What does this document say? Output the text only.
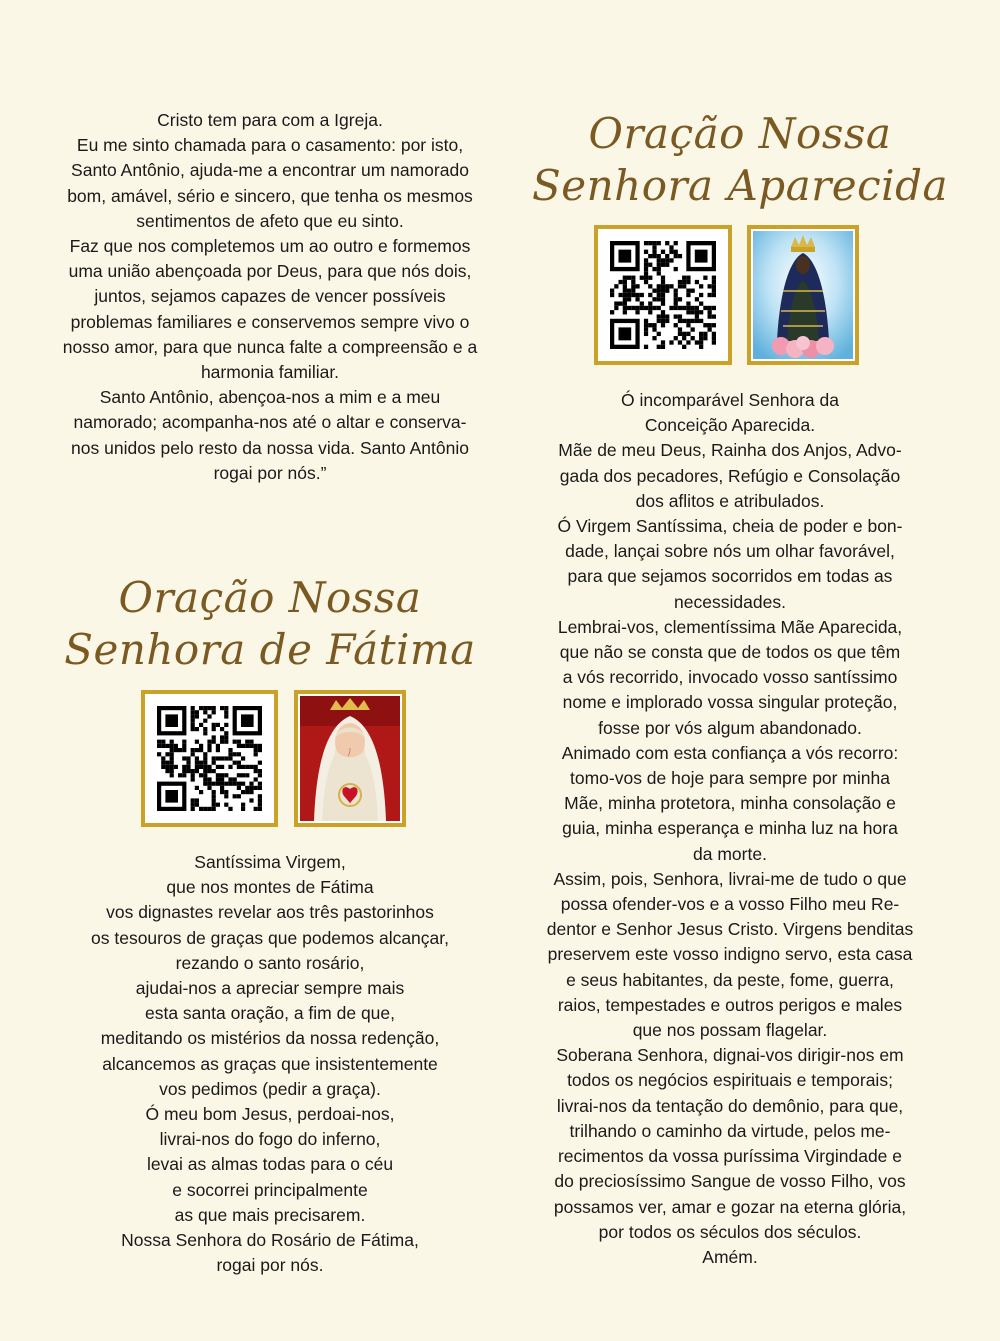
Cristo tem para com a Igreja.
Eu me sinto chamada para o casamento: por isto, Santo Antônio, ajuda-me a encontrar um namorado bom, amável, sério e sincero, que tenha os mesmos sentimentos de afeto que eu sinto.
Faz que nos completemos um ao outro e formemos uma união abençoada por Deus, para que nós dois, juntos, sejamos capazes de vencer possíveis problemas familiares e conservemos sempre vivo o nosso amor, para que nunca falte a compreensão e a harmonia familiar.
Santo Antônio, abençoa-nos a mim e a meu namorado; acompanha-nos até o altar e conserva-nos unidos pelo resto da nossa vida. Santo Antônio rogai por nós.”

Oração Nossa Senhora de Fátima

Santíssima Virgem,
que nos montes de Fátima
vos dignastes revelar aos três pastorinhos
os tesouros de graças que podemos alcançar,
rezando o santo rosário,
ajudai-nos a apreciar sempre mais
esta santa oração, a fim de que,
meditando os mistérios da nossa redenção,
alcancemos as graças que insistentemente
vos pedimos (pedir a graça).
Ó meu bom Jesus, perdoai-nos,
livrai-nos do fogo do inferno,
levai as almas todas para o céu
e socorrei principalmente
as que mais precisarem.
Nossa Senhora do Rosário de Fátima,
rogai por nós.

Oração Nossa Senhora Aparecida

Ó incomparável Senhora da
Conceição Aparecida.
Mãe de meu Deus, Rainha dos Anjos, Advo-
gada dos pecadores, Refúgio e Consolação
dos aflitos e atribulados.
Ó Virgem Santíssima, cheia de poder e bon-
dade, lançai sobre nós um olhar favorável,
para que sejamos socorridos em todas as
necessidades.
Lembrai-vos, clementíssima Mãe Aparecida,
que não se consta que de todos os que têm
a vós recorrido, invocado vosso santíssimo
nome e implorado vossa singular proteção,
fosse por vós algum abandonado.
Animado com esta confiança a vós recorro:
tomo-vos de hoje para sempre por minha
Mãe, minha protetora, minha consolação e
guia, minha esperança e minha luz na hora
da morte.
Assim, pois, Senhora, livrai-me de tudo o que
possa ofender-vos e a vosso Filho meu Re-
dentor e Senhor Jesus Cristo. Virgens benditas
preservem este vosso indigno servo, esta casa
e seus habitantes, da peste, fome, guerra,
raios, tempestades e outros perigos e males
que nos possam flagelar.
Soberana Senhora, dignai-vos dirigir-nos em
todos os negócios espirituais e temporais;
livrai-nos da tentação do demônio, para que,
trilhando o caminho da virtude, pelos me-
recimentos da vossa puríssima Virgindade e
do preciosíssimo Sangue de vosso Filho, vos
possamos ver, amar e gozar na eterna glória,
por todos os séculos dos séculos.
Amém.
